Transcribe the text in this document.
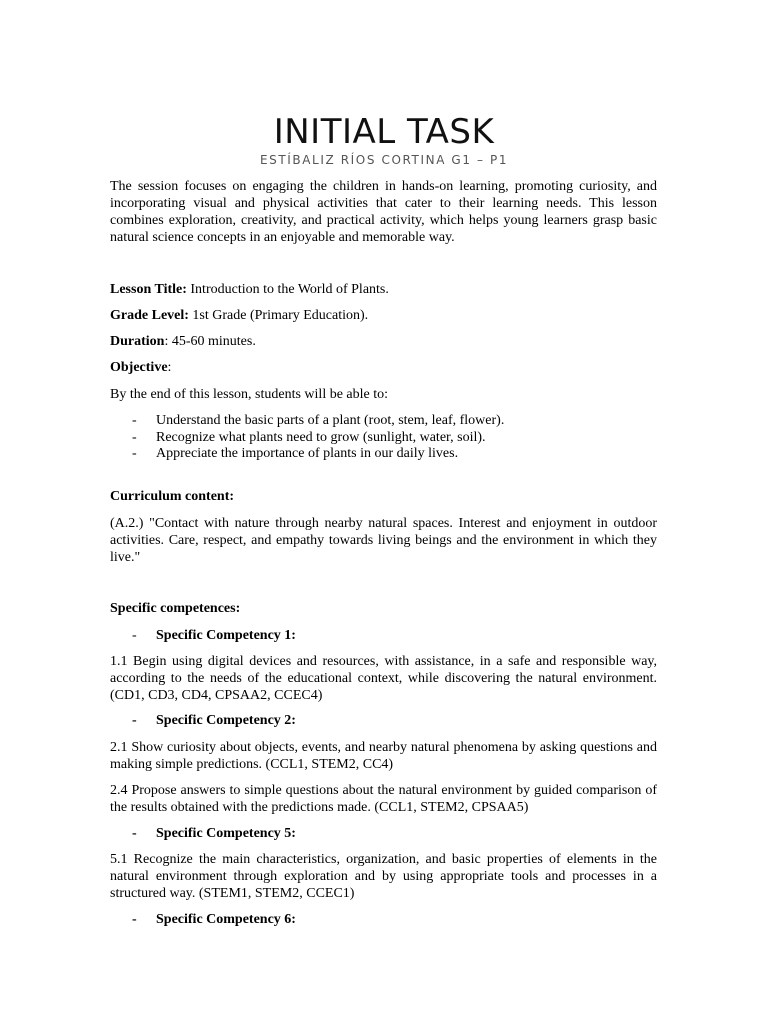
INITIAL TASK
ESTÍBALIZ RÍOS CORTINA G1 – P1
The session focuses on engaging the children in hands-on learning, promoting curiosity, and incorporating visual and physical activities that cater to their learning needs. This lesson combines exploration, creativity, and practical activity, which helps young learners grasp basic natural science concepts in an enjoyable and memorable way.
Lesson Title: Introduction to the World of Plants.
Grade Level: 1st Grade (Primary Education).
Duration: 45-60 minutes.
Objective:
By the end of this lesson, students will be able to:
- Understand the basic parts of a plant (root, stem, leaf, flower).
- Recognize what plants need to grow (sunlight, water, soil).
- Appreciate the importance of plants in our daily lives.
Curriculum content:
(A.2.) "Contact with nature through nearby natural spaces. Interest and enjoyment in outdoor activities. Care, respect, and empathy towards living beings and the environment in which they live."
Specific competences:
- Specific Competency 1:
1.1 Begin using digital devices and resources, with assistance, in a safe and responsible way, according to the needs of the educational context, while discovering the natural environment. (CD1, CD3, CD4, CPSAA2, CCEC4)
- Specific Competency 2:
2.1 Show curiosity about objects, events, and nearby natural phenomena by asking questions and making simple predictions. (CCL1, STEM2, CC4)
2.4 Propose answers to simple questions about the natural environment by guided comparison of the results obtained with the predictions made. (CCL1, STEM2, CPSAA5)
- Specific Competency 5:
5.1 Recognize the main characteristics, organization, and basic properties of elements in the natural environment through exploration and by using appropriate tools and processes in a structured way. (STEM1, STEM2, CCEC1)
- Specific Competency 6:
